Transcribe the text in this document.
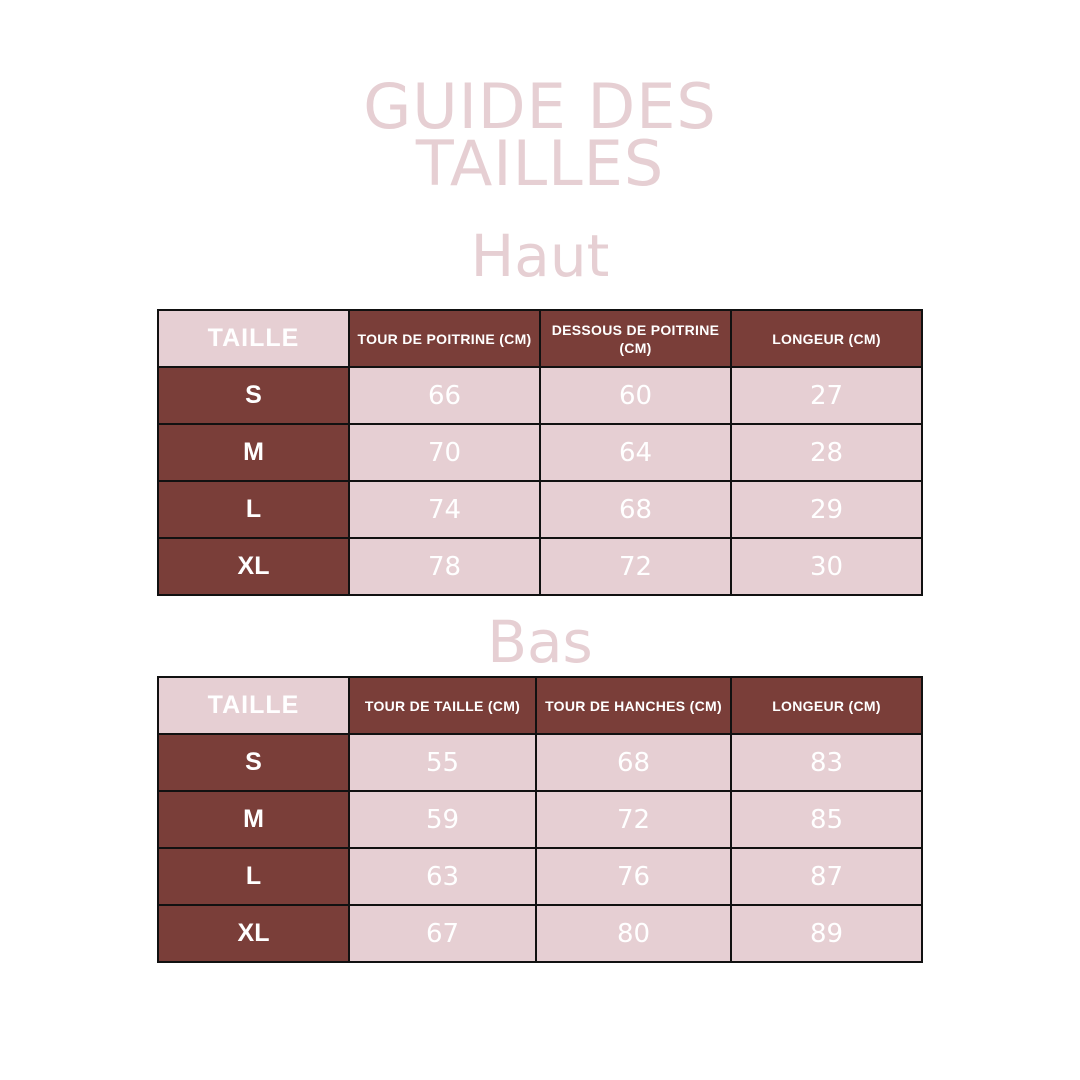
GUIDE DES
TAILLES
Haut
TAILLE	TOUR DE POITRINE (CM)	DESSOUS DE POITRINE (CM)	LONGEUR (CM)
S	66	60	27
M	70	64	28
L	74	68	29
XL	78	72	30
Bas
TAILLE	TOUR DE TAILLE (CM)	TOUR DE HANCHES (CM)	LONGEUR (CM)
S	55	68	83
M	59	72	85
L	63	76	87
XL	67	80	89
